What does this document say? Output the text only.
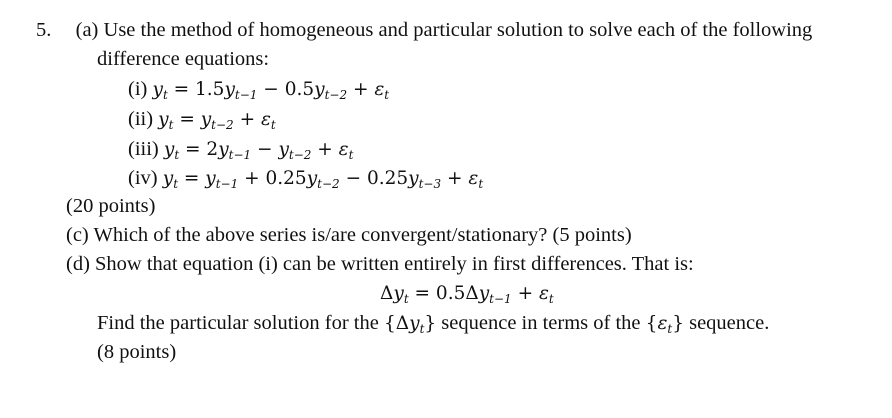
5. (a) Use the method of homogeneous and particular solution to solve each of the following
difference equations:
(i) $y_t = 1.5y_{t-1} - 0.5y_{t-2} + \varepsilon_t$
(ii) $y_t = y_{t-2} + \varepsilon_t$
(iii) $y_t = 2y_{t-1} - y_{t-2} + \varepsilon_t$
(iv) $y_t = y_{t-1} + 0.25y_{t-2} - 0.25y_{t-3} + \varepsilon_t$
(20 points)
(c) Which of the above series is/are convergent/stationary? (5 points)
(d) Show that equation (i) can be written entirely in first differences. That is:
$\Delta y_t = 0.5\Delta y_{t-1} + \varepsilon_t$
Find the particular solution for the $\{\Delta y_t\}$ sequence in terms of the $\{\varepsilon_t\}$ sequence.
(8 points)
